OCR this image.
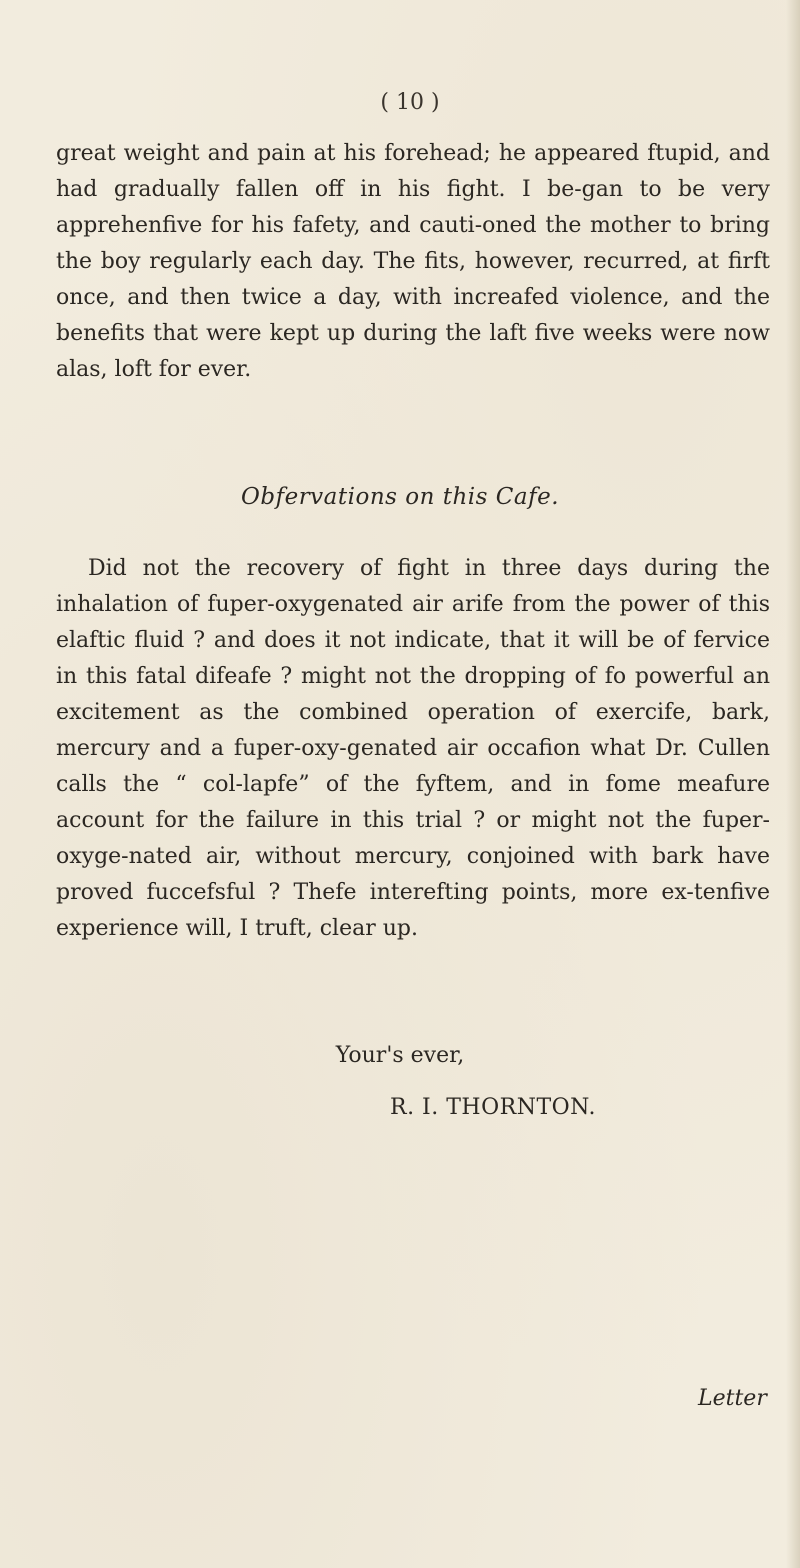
( 10 )

great weight and pain at his forehead; he appeared ftupid, and had gradually fallen off in his fight. I be-gan to be very apprehenfive for his fafety, and cauti-oned the mother to bring the boy regularly each day. The fits, however, recurred, at firft once, and then twice a day, with increafed violence, and the benefits that were kept up during the laft five weeks were now alas, loft for ever.

Obfervations on this Cafe.

Did not the recovery of fight in three days during the inhalation of fuper-oxygenated air arife from the power of this elaftic fluid ? and does it not indicate, that it will be of fervice in this fatal difeafe ? might not the dropping of fo powerful an excitement as the combined operation of exercife, bark, mercury and a fuper-oxy-genated air occafion what Dr. Cullen calls the “ col-lapfe” of the fyftem, and in fome meafure account for the failure in this trial ? or might not the fuper-oxyge-nated air, without mercury, conjoined with bark have proved fuccefsful ? Thefe interefting points, more ex-tenfive experience will, I truft, clear up.

Your's ever,
R. I. THORNTON.
Letter
